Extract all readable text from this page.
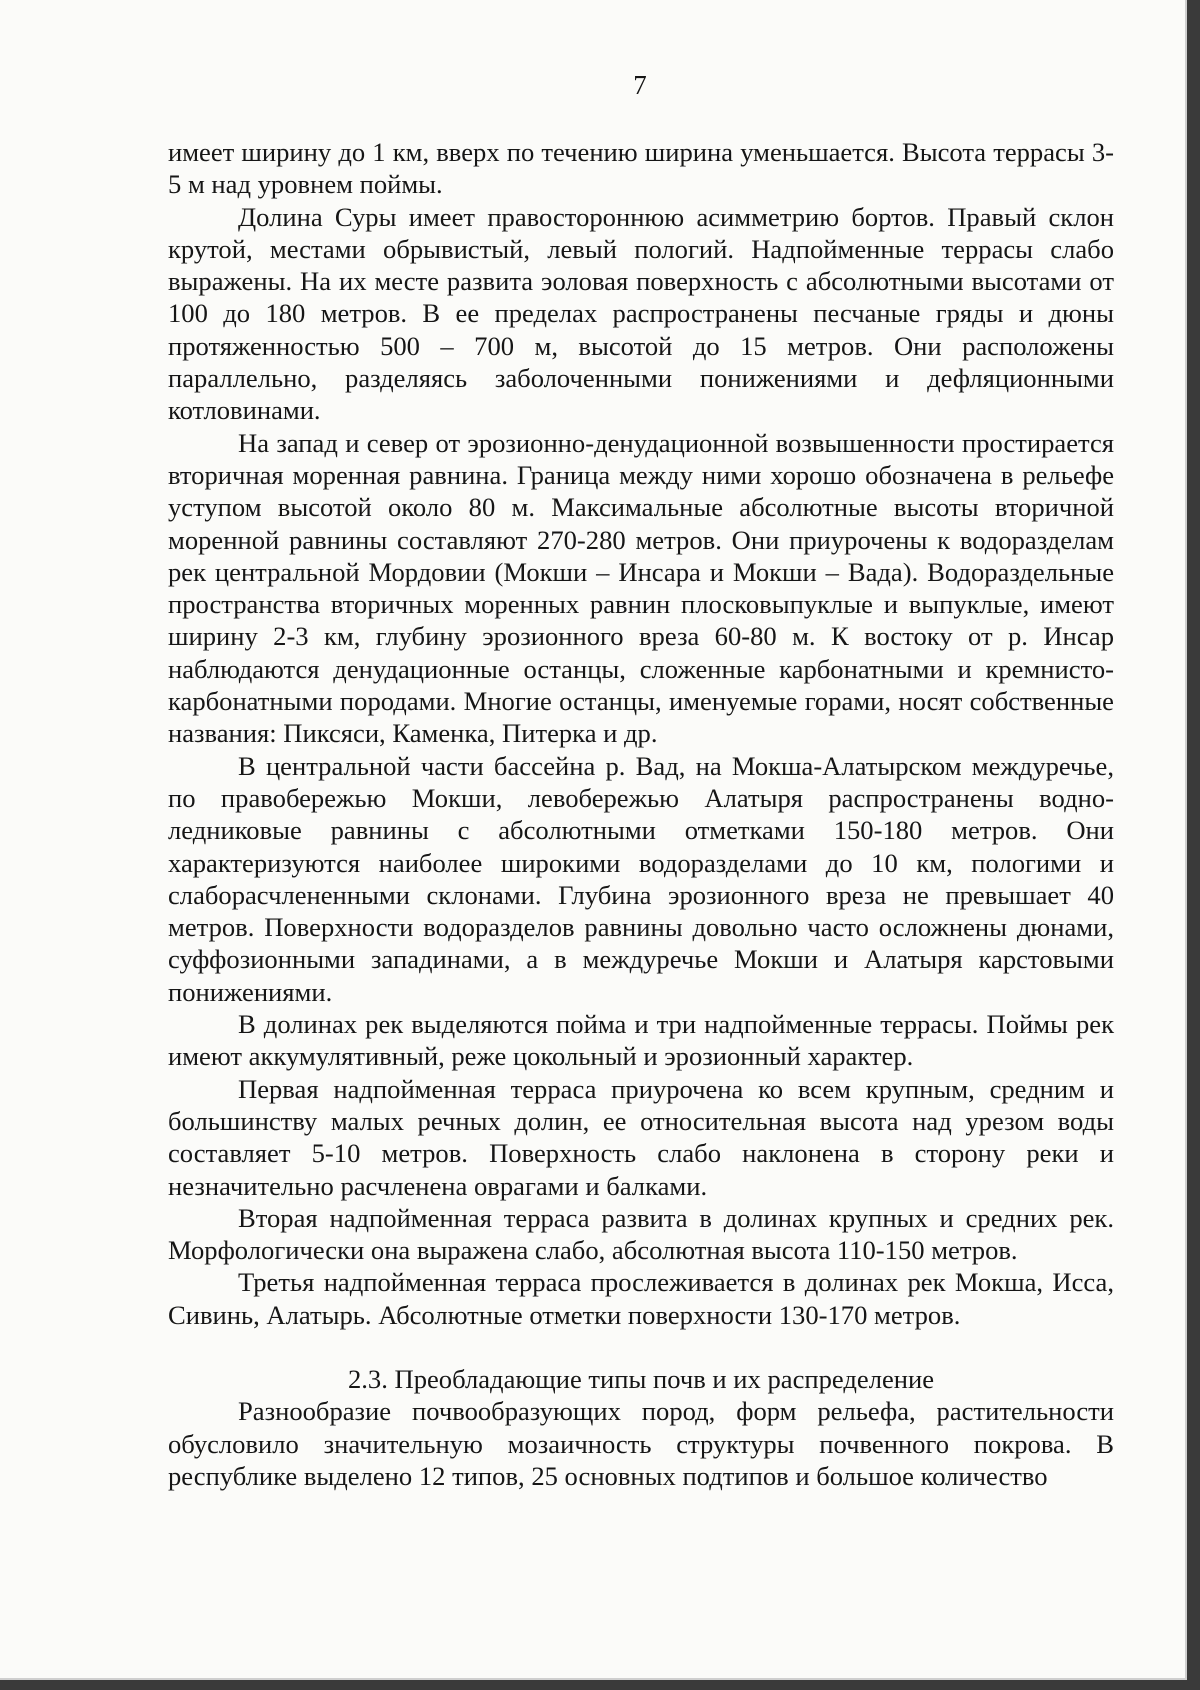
7

имеет ширину до 1 км, вверх по течению ширина уменьшается. Высота террасы 3-5 м над уровнем поймы.

Долина Суры имеет правостороннюю асимметрию бортов. Правый склон крутой, местами обрывистый, левый пологий. Надпойменные террасы слабо выражены. На их месте развита эоловая поверхность с абсолютными высотами от 100 до 180 метров. В ее пределах распространены песчаные гряды и дюны протяженностью 500 – 700 м, высотой до 15 метров. Они расположены параллельно, разделяясь заболоченными понижениями и дефляционными котловинами.

На запад и север от эрозионно-денудационной возвышенности простирается вторичная моренная равнина. Граница между ними хорошо обозначена в рельефе уступом высотой около 80 м. Максимальные абсолютные высоты вторичной моренной равнины составляют 270-280 метров. Они приурочены к водоразделам рек центральной Мордовии (Мокши – Инсара и Мокши – Вада). Водораздельные пространства вторичных моренных равнин плосковыпуклые и выпуклые, имеют ширину 2-3 км, глубину эрозионного вреза 60-80 м. К востоку от р. Инсар наблюдаются денудационные останцы, сложенные карбонатными и кремнисто-карбонатными породами. Многие останцы, именуемые горами, носят собственные названия: Пиксяси, Каменка, Питерка и др.

В центральной части бассейна р. Вад, на Мокша-Алатырском междуречье, по правобережью Мокши, левобережью Алатыря распространены водно-ледниковые равнины с абсолютными отметками 150-180 метров. Они характеризуются наиболее широкими водоразделами до 10 км, пологими и слаборасчлененными склонами. Глубина эрозионного вреза не превышает 40 метров. Поверхности водоразделов равнины довольно часто осложнены дюнами, суффозионными западинами, а в междуречье Мокши и Алатыря карстовыми понижениями.

В долинах рек выделяются пойма и три надпойменные террасы. Поймы рек имеют аккумулятивный, реже цокольный и эрозионный характер.

Первая надпойменная терраса приурочена ко всем крупным, средним и большинству малых речных долин, ее относительная высота над урезом воды составляет 5-10 метров. Поверхность слабо наклонена в сторону реки и незначительно расчленена оврагами и балками.

Вторая надпойменная терраса развита в долинах крупных и средних рек. Морфологически она выражена слабо, абсолютная высота 110-150 метров.

Третья надпойменная терраса прослеживается в долинах рек Мокша, Исса, Сивинь, Алатырь. Абсолютные отметки поверхности 130-170 метров.

2.3. Преобладающие типы почв и их распределение

Разнообразие почвообразующих пород, форм рельефа, растительности обусловило значительную мозаичность структуры почвенного покрова. В республике выделено 12 типов, 25 основных подтипов и большое количество
